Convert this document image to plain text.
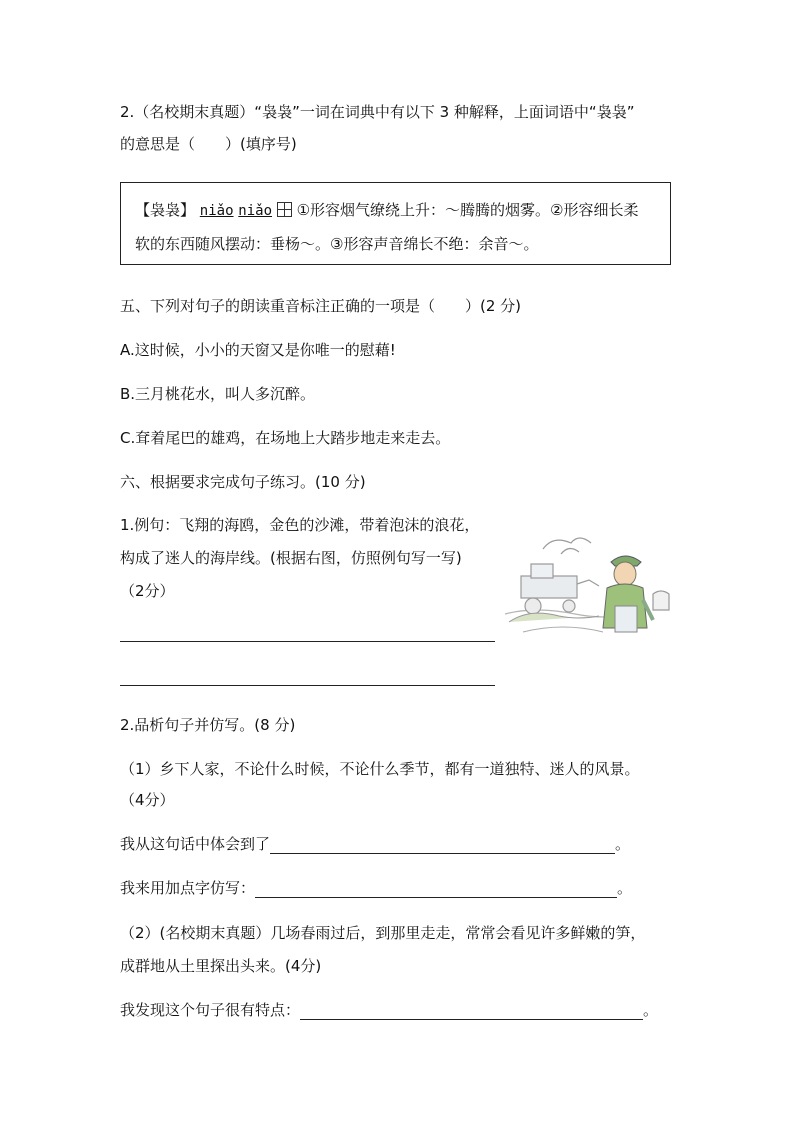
2.（名校期末真题）“袅袅”一词在词典中有以下 3 种解释，上面词语中“袅袅”
的意思是（　　）(填序号)
【袅袅】 niǎo niǎo ①形容烟气缭绕上升：～腾腾的烟雾。②形容细长柔
软的东西随风摆动：垂杨～。③形容声音绵长不绝：余音～。
五、下列对句子的朗读重音标注正确的一项是（　　）(2 分)
A.这时候，小小的天窗又是你唯一的慰藉!
B.三月桃花水，叫人多沉醉。
C.耷着尾巴的雄鸡，在场地上大踏步地走来走去。
六、根据要求完成句子练习。(10 分)
1.例句：飞翔的海鸥，金色的沙滩，带着泡沫的浪花，
构成了迷人的海岸线。(根据右图，仿照例句写一写)
（2分）
2.品析句子并仿写。(8 分)
（1）乡下人家，不论什么时候，不论什么季节，都有一道独特、迷人的风景。
（4分）
我从这句话中体会到了	。
我来用加点字仿写：	。
（2）(名校期末真题）几场春雨过后，到那里走走，常常会看见许多鲜嫩的笋，
成群地从土里探出头来。(4分)
我发现这个句子很有特点：	。
